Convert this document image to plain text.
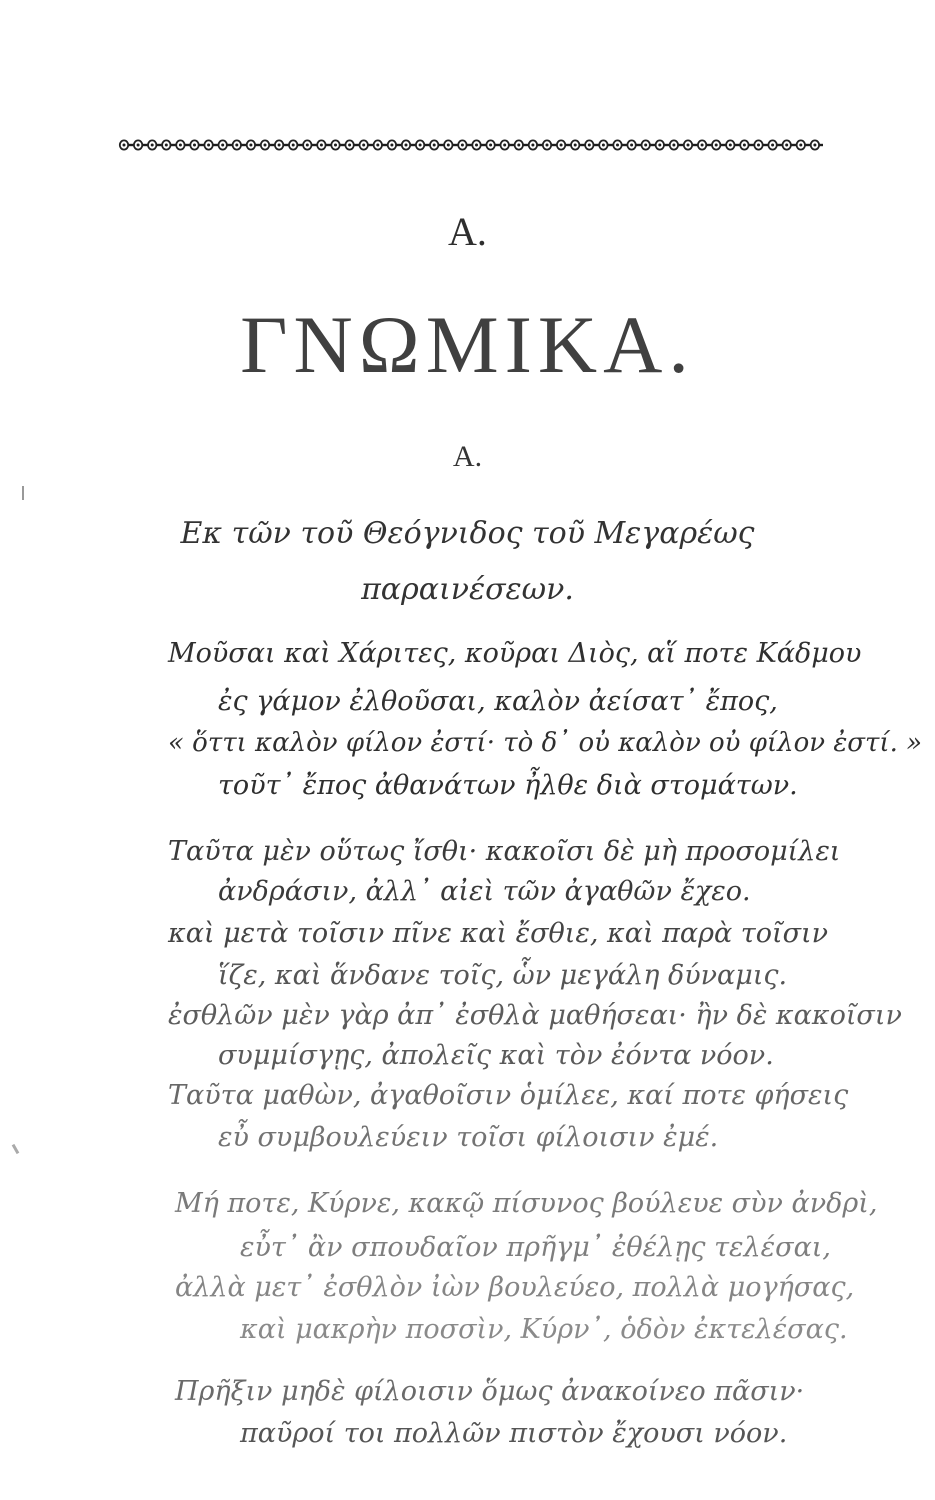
Α.
ΓΝΩΜΙΚΑ.
Α.
Εκ τῶν τοῦ Θεόγνιδος τοῦ Μεγαρέως
παραινέσεων.
Μοῦσαι καὶ Χάριτες, κοῦραι Διὸς, αἵ ποτε Κάδμου
ἐς γάμον ἐλθοῦσαι, καλὸν ἀείσατ᾽ ἔπος,
« ὅττι καλὸν φίλον ἐστί· τὸ δ᾽ οὐ καλὸν οὐ φίλον ἐστί. »
τοῦτ᾽ ἔπος ἀθανάτων ἦλθε διὰ στομάτων.
Ταῦτα μὲν οὕτως ἴσθι· κακοῖσι δὲ μὴ προσομίλει
ἀνδράσιν, ἀλλ᾽ αἰεὶ τῶν ἀγαθῶν ἔχεο.
καὶ μετὰ τοῖσιν πῖνε καὶ ἔσθιε, καὶ παρὰ τοῖσιν
ἵζε, καὶ ἅνδανε τοῖς, ὧν μεγάλη δύναμις.
ἐσθλῶν μὲν γὰρ ἀπ᾽ ἐσθλὰ μαθήσεαι· ἢν δὲ κακοῖσιν
συμμίσγῃς, ἀπολεῖς καὶ τὸν ἐόντα νόον.
Ταῦτα μαθὼν, ἀγαθοῖσιν ὁμίλεε, καί ποτε φήσεις
εὖ συμβουλεύειν τοῖσι φίλοισιν ἐμέ.
Μή ποτε, Κύρνε, κακῷ πίσυνος βούλευε σὺν ἀνδρὶ,
εὖτ᾽ ἂν σπουδαῖον πρῆγμ᾽ ἐθέλῃς τελέσαι,
ἀλλὰ μετ᾽ ἐσθλὸν ἰὼν βουλεύεο, πολλὰ μογήσας,
καὶ μακρὴν ποσσὶν, Κύρν᾽, ὁδὸν ἐκτελέσας.
Πρῆξιν μηδὲ φίλοισιν ὅμως ἀνακοίνεο πᾶσιν·
παῦροί τοι πολλῶν πιστὸν ἔχουσι νόον.
